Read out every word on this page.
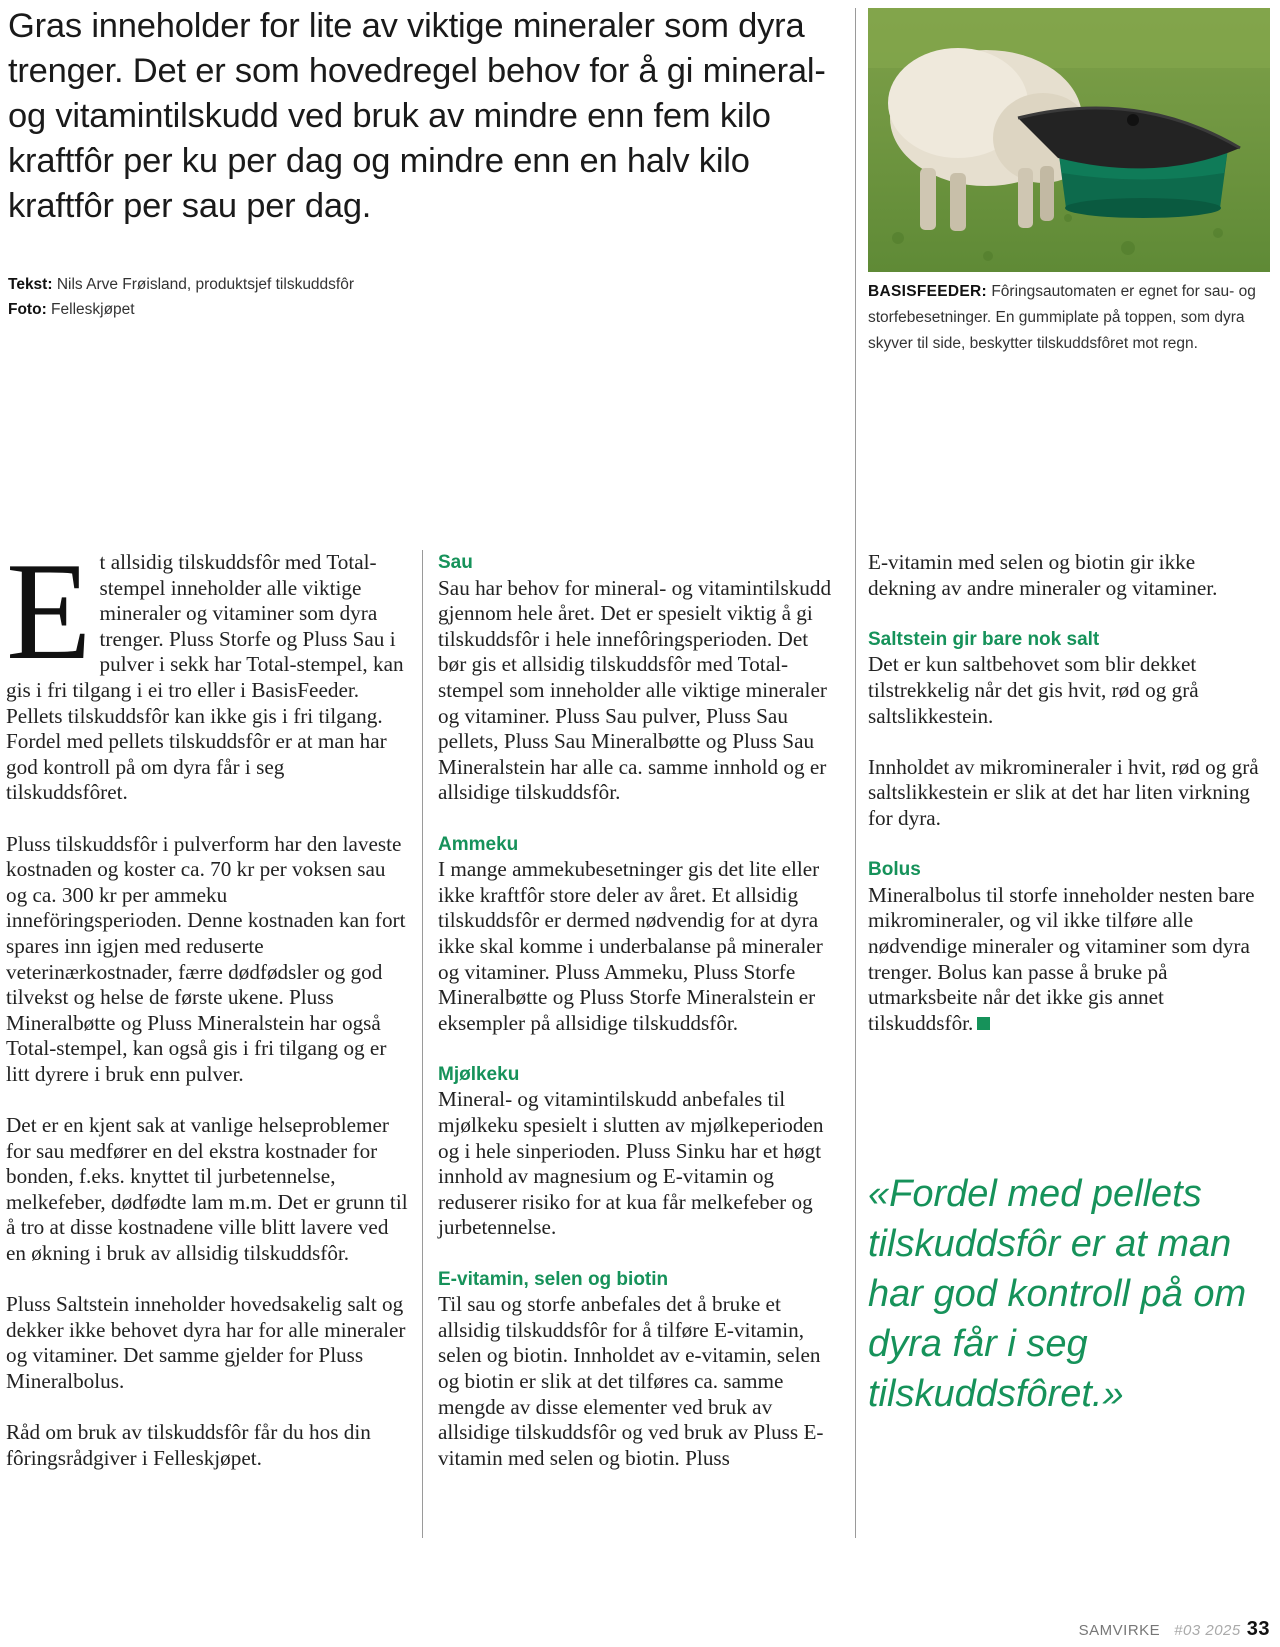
Gras inneholder for lite av viktige mineraler som dyra trenger. Det er som hovedregel behov for å gi mineral- og vitamintilskudd ved bruk av mindre enn fem kilo kraftfôr per ku per dag og mindre enn en halv kilo kraftfôr per sau per dag.
Tekst: Nils Arve Frøisland, produktsjef tilskuddsfôr
Foto: Felleskjøpet
BASISFEEDER: Fôringsautomaten er egnet for sau- og storfebesetninger. En gummiplate på toppen, som dyra skyver til side, beskytter tilskuddsfôret mot regn.

Et allsidig tilskuddsfôr med Total-stempel inneholder alle viktige mineraler og vitaminer som dyra trenger. Pluss Storfe og Pluss Sau i pulver i sekk har Total-stempel, kan gis i fri tilgang i ei tro eller i BasisFeeder. Pellets tilskuddsfôr kan ikke gis i fri tilgang. Fordel med pellets tilskuddsfôr er at man har god kontroll på om dyra får i seg tilskuddsfôret.

Pluss tilskuddsfôr i pulverform har den laveste kostnaden og koster ca. 70 kr per voksen sau og ca. 300 kr per ammeku inneföringsperioden. Denne kostnaden kan fort spares inn igjen med reduserte veterinærkostnader, færre dødfødsler og god tilvekst og helse de første ukene. Pluss Mineralbøtte og Pluss Mineralstein har også Total-stempel, kan også gis i fri tilgang og er litt dyrere i bruk enn pulver.

Det er en kjent sak at vanlige helseproblemer for sau medfører en del ekstra kostnader for bonden, f.eks. knyttet til jurbetennelse, melkefeber, dødfødte lam m.m. Det er grunn til å tro at disse kostnadene ville blitt lavere ved en økning i bruk av allsidig tilskuddsfôr.

Pluss Saltstein inneholder hovedsakelig salt og dekker ikke behovet dyra har for alle mineraler og vitaminer. Det samme gjelder for Pluss Mineralbolus.

Råd om bruk av tilskuddsfôr får du hos din fôringsrådgiver i Felleskjøpet.

Sau

Sau har behov for mineral- og vitamintilskudd gjennom hele året. Det er spesielt viktig å gi tilskuddsfôr i hele innefôringsperioden. Det bør gis et allsidig tilskuddsfôr med Total-stempel som inneholder alle viktige mineraler og vitaminer. Pluss Sau pulver, Pluss Sau pellets, Pluss Sau Mineralbøtte og Pluss Sau Mineralstein har alle ca. samme innhold og er allsidige tilskuddsfôr.

Ammeku

I mange ammekubesetninger gis det lite eller ikke kraftfôr store deler av året. Et allsidig tilskuddsfôr er dermed nødvendig for at dyra ikke skal komme i underbalanse på mineraler og vitaminer. Pluss Ammeku, Pluss Storfe Mineralbøtte og Pluss Storfe Mineralstein er eksempler på allsidige tilskuddsfôr.

Mjølkeku

Mineral- og vitamintilskudd anbefales til mjølkeku spesielt i slutten av mjølkeperioden og i hele sinperioden. Pluss Sinku har et høgt innhold av magnesium og E-vitamin og reduserer risiko for at kua får melkefeber og jurbetennelse.

E-vitamin, selen og biotin

Til sau og storfe anbefales det å bruke et allsidig tilskuddsfôr for å tilføre E-vitamin, selen og biotin. Innholdet av e-vitamin, selen og biotin er slik at det tilføres ca. samme mengde av disse elementer ved bruk av allsidige tilskuddsfôr og ved bruk av Pluss E-vitamin med selen og biotin. Pluss

E-vitamin med selen og biotin gir ikke dekning av andre mineraler og vitaminer.

Saltstein gir bare nok salt

Det er kun saltbehovet som blir dekket tilstrekkelig når det gis hvit, rød og grå saltslikkestein.

Innholdet av mikromineraler i hvit, rød og grå saltslikkestein er slik at det har liten virkning for dyra.

Bolus

Mineralbolus til storfe inneholder nesten bare mikromineraler, og vil ikke tilføre alle nødvendige mineraler og vitaminer som dyra trenger. Bolus kan passe å bruke på utmarksbeite når det ikke gis annet tilskuddsfôr.

«Fordel med pellets tilskuddsfôr er at man har god kontroll på om dyra får i seg tilskuddsfôret.»
SAMVIRKE #03 2025 33
